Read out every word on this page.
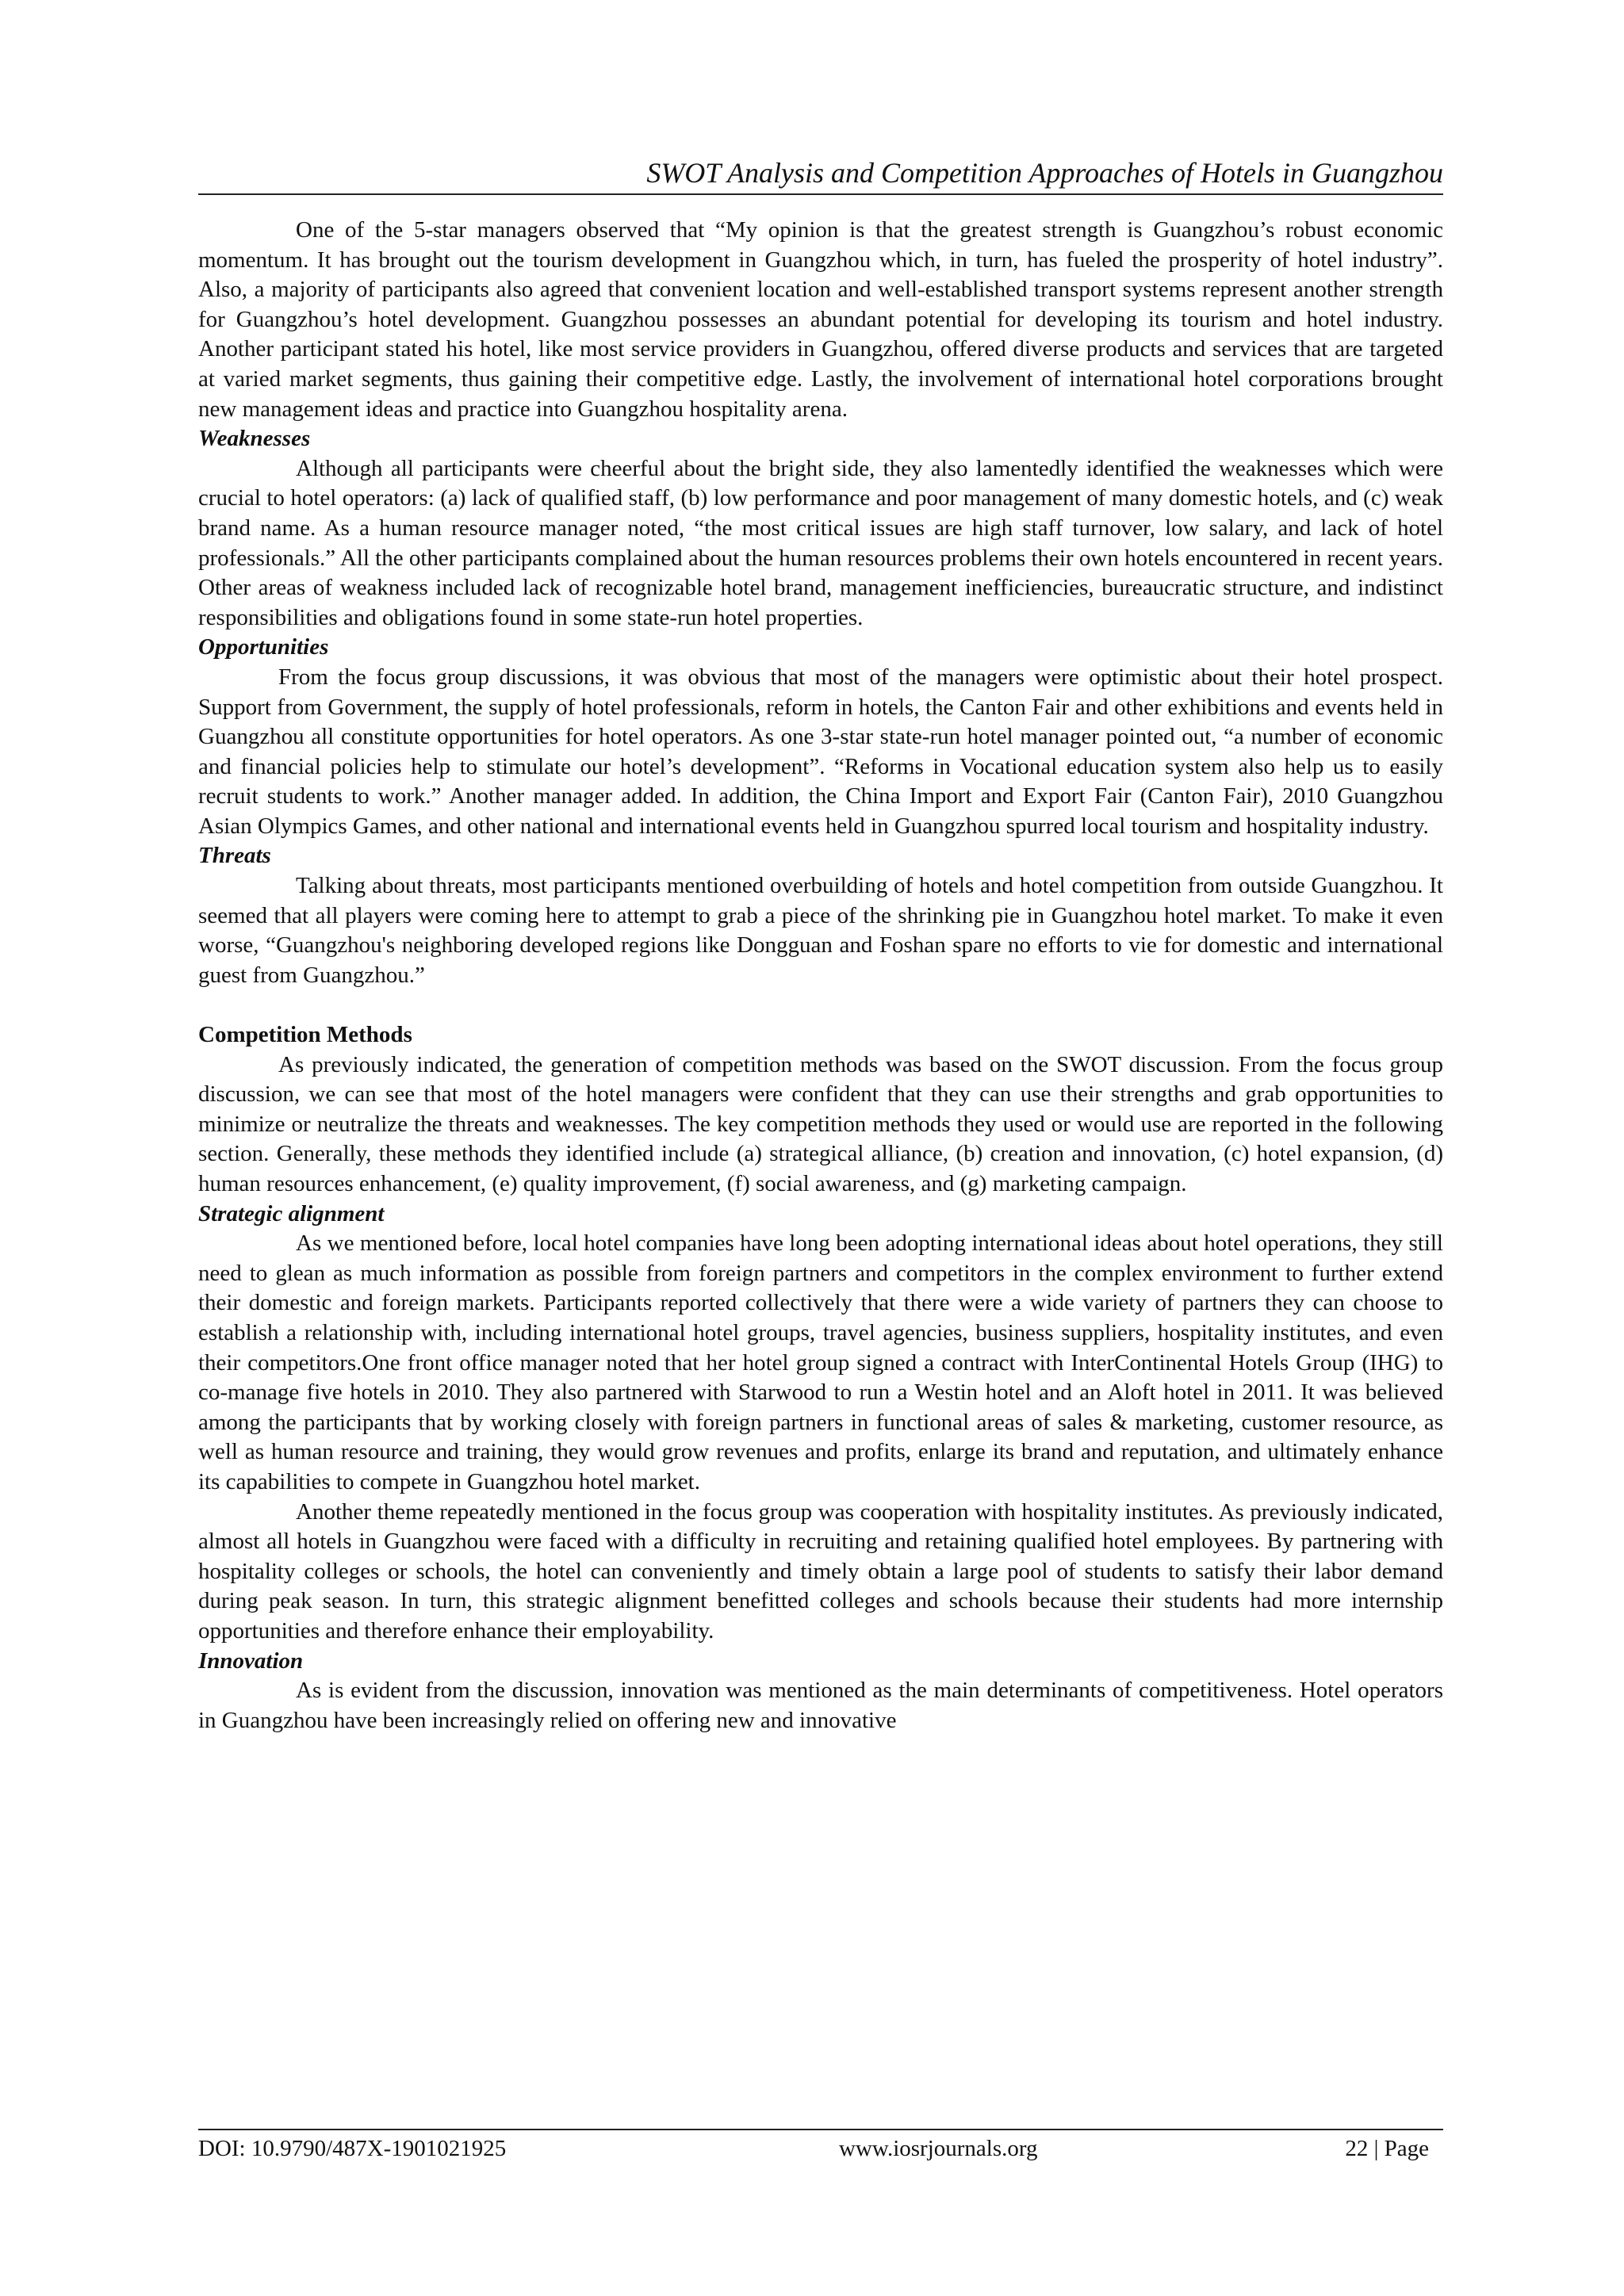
SWOT Analysis and Competition Approaches of Hotels in Guangzhou

One of the 5-star managers observed that “My opinion is that the greatest strength is Guangzhou’s robust economic momentum. It has brought out the tourism development in Guangzhou which, in turn, has fueled the prosperity of hotel industry”. Also, a majority of participants also agreed that convenient location and well-established transport systems represent another strength for Guangzhou’s hotel development. Guangzhou possesses an abundant potential for developing its tourism and hotel industry. Another participant stated his hotel, like most service providers in Guangzhou, offered diverse products and services that are targeted at varied market segments, thus gaining their competitive edge. Lastly, the involvement of international hotel corporations brought new management ideas and practice into Guangzhou hospitality arena.

Weaknesses

Although all participants were cheerful about the bright side, they also lamentedly identified the weaknesses which were crucial to hotel operators: (a) lack of qualified staff, (b) low performance and poor management of many domestic hotels, and (c) weak brand name. As a human resource manager noted, “the most critical issues are high staff turnover, low salary, and lack of hotel professionals.” All the other participants complained about the human resources problems their own hotels encountered in recent years. Other areas of weakness included lack of recognizable hotel brand, management inefficiencies, bureaucratic structure, and indistinct responsibilities and obligations found in some state-run hotel properties.

Opportunities

From the focus group discussions, it was obvious that most of the managers were optimistic about their hotel prospect. Support from Government, the supply of hotel professionals, reform in hotels, the Canton Fair and other exhibitions and events held in Guangzhou all constitute opportunities for hotel operators. As one 3-star state-run hotel manager pointed out, “a number of economic and financial policies help to stimulate our hotel’s development”. “Reforms in Vocational education system also help us to easily recruit students to work.” Another manager added. In addition, the China Import and Export Fair (Canton Fair), 2010 Guangzhou Asian Olympics Games, and other national and international events held in Guangzhou spurred local tourism and hospitality industry.

Threats

Talking about threats, most participants mentioned overbuilding of hotels and hotel competition from outside Guangzhou. It seemed that all players were coming here to attempt to grab a piece of the shrinking pie in Guangzhou hotel market. To make it even worse, “Guangzhou's neighboring developed regions like Dongguan and Foshan spare no efforts to vie for domestic and international guest from Guangzhou.”

Competition Methods

As previously indicated, the generation of competition methods was based on the SWOT discussion. From the focus group discussion, we can see that most of the hotel managers were confident that they can use their strengths and grab opportunities to minimize or neutralize the threats and weaknesses. The key competition methods they used or would use are reported in the following section. Generally, these methods they identified include (a) strategical alliance, (b) creation and innovation, (c) hotel expansion, (d) human resources enhancement, (e) quality improvement, (f) social awareness, and (g) marketing campaign.

Strategic alignment

As we mentioned before, local hotel companies have long been adopting international ideas about hotel operations, they still need to glean as much information as possible from foreign partners and competitors in the complex environment to further extend their domestic and foreign markets. Participants reported collectively that there were a wide variety of partners they can choose to establish a relationship with, including international hotel groups, travel agencies, business suppliers, hospitality institutes, and even their competitors.One front office manager noted that her hotel group signed a contract with InterContinental Hotels Group (IHG) to co-manage five hotels in 2010. They also partnered with Starwood to run a Westin hotel and an Aloft hotel in 2011. It was believed among the participants that by working closely with foreign partners in functional areas of sales & marketing, customer resource, as well as human resource and training, they would grow revenues and profits, enlarge its brand and reputation, and ultimately enhance its capabilities to compete in Guangzhou hotel market.

Another theme repeatedly mentioned in the focus group was cooperation with hospitality institutes. As previously indicated, almost all hotels in Guangzhou were faced with a difficulty in recruiting and retaining qualified hotel employees. By partnering with hospitality colleges or schools, the hotel can conveniently and timely obtain a large pool of students to satisfy their labor demand during peak season. In turn, this strategic alignment benefitted colleges and schools because their students had more internship opportunities and therefore enhance their employability.

Innovation

As is evident from the discussion, innovation was mentioned as the main determinants of competitiveness. Hotel operators in Guangzhou have been increasingly relied on offering new and innovative

DOI: 10.9790/487X-1901021925	www.iosrjournals.org	22 | Page
